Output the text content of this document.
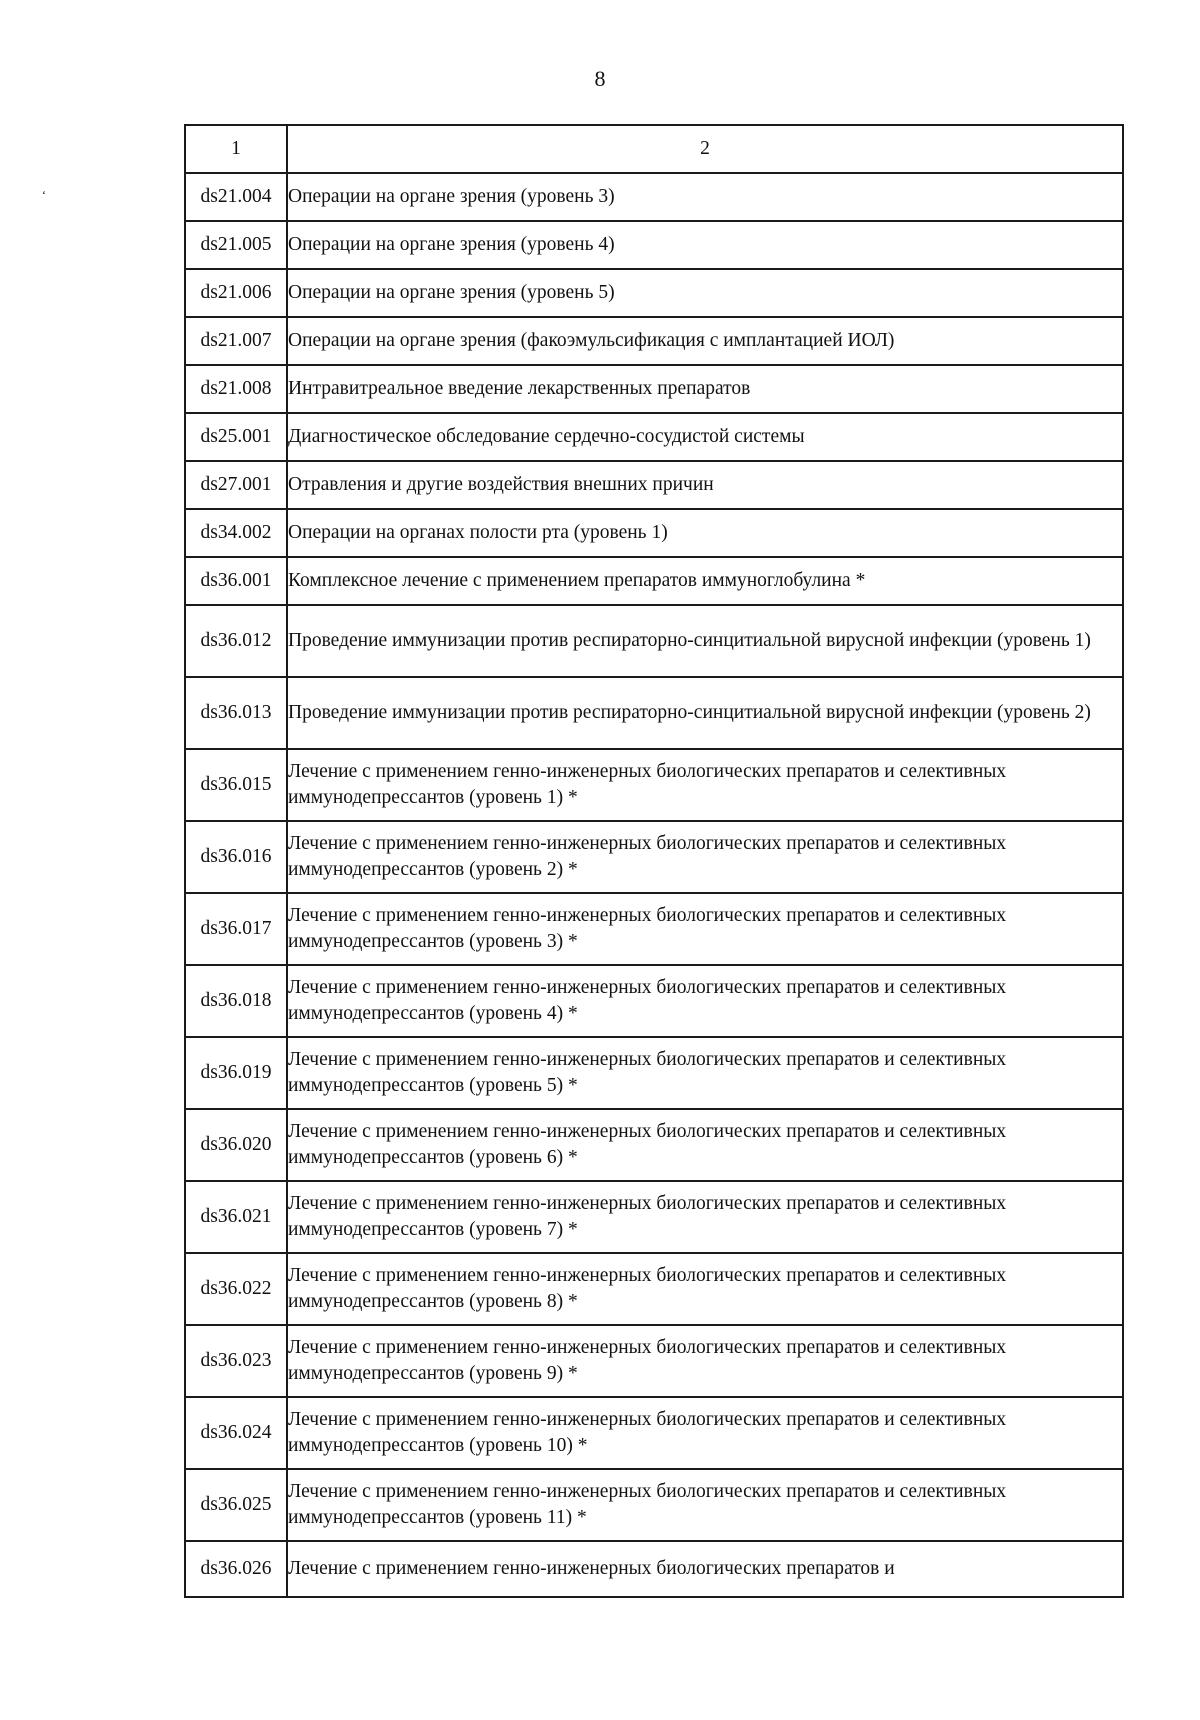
8
‘
1	2
ds21.004	Операции на органе зрения (уровень 3)
ds21.005	Операции на органе зрения (уровень 4)
ds21.006	Операции на органе зрения (уровень 5)
ds21.007	Операции на органе зрения (факоэмульсификация с имплантацией ИОЛ)
ds21.008	Интравитреальное введение лекарственных препаратов
ds25.001	Диагностическое обследование сердечно-сосудистой системы
ds27.001	Отравления и другие воздействия внешних причин
ds34.002	Операции на органах полости рта (уровень 1)
ds36.001	Комплексное лечение с применением препаратов иммуноглобулина *
ds36.012	Проведение иммунизации против респираторно-синцитиальной вирусной инфекции (уровень 1)
ds36.013	Проведение иммунизации против респираторно-синцитиальной вирусной инфекции (уровень 2)
ds36.015	Лечение с применением генно-инженерных биологических препаратов и селективных иммунодепрессантов (уровень 1) *
ds36.016	Лечение с применением генно-инженерных биологических препаратов и селективных иммунодепрессантов (уровень 2) *
ds36.017	Лечение с применением генно-инженерных биологических препаратов и селективных иммунодепрессантов (уровень 3) *
ds36.018	Лечение с применением генно-инженерных биологических препаратов и селективных иммунодепрессантов (уровень 4) *
ds36.019	Лечение с применением генно-инженерных биологических препаратов и селективных иммунодепрессантов (уровень 5) *
ds36.020	Лечение с применением генно-инженерных биологических препаратов и селективных иммунодепрессантов (уровень 6) *
ds36.021	Лечение с применением генно-инженерных биологических препаратов и селективных иммунодепрессантов (уровень 7) *
ds36.022	Лечение с применением генно-инженерных биологических препаратов и селективных иммунодепрессантов (уровень 8) *
ds36.023	Лечение с применением генно-инженерных биологических препаратов и селективных иммунодепрессантов (уровень 9) *
ds36.024	Лечение с применением генно-инженерных биологических препаратов и селективных иммунодепрессантов (уровень 10) *
ds36.025	Лечение с применением генно-инженерных биологических препаратов и селективных иммунодепрессантов (уровень 11) *
ds36.026	Лечение с применением генно-инженерных биологических препаратов и
